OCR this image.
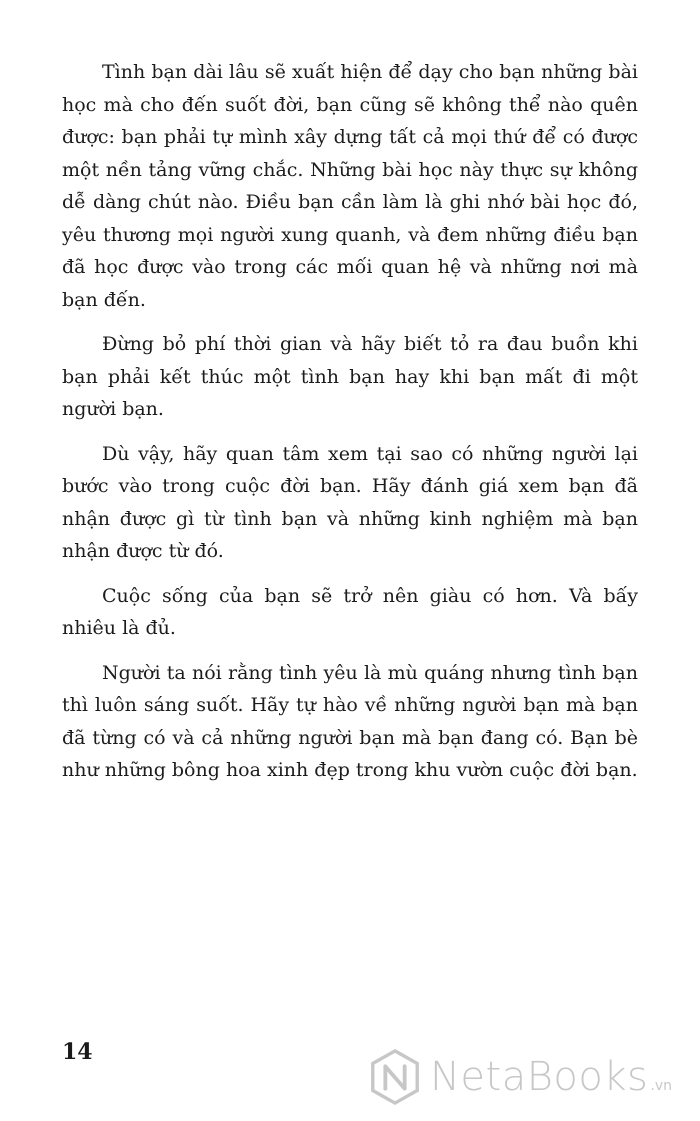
Tình bạn dài lâu sẽ xuất hiện để dạy cho bạn những bài học mà cho đến suốt đời, bạn cũng sẽ không thể nào quên được: bạn phải tự mình xây dựng tất cả mọi thứ để có được một nền tảng vững chắc. Những bài học này thực sự không dễ dàng chút nào. Điều bạn cần làm là ghi nhớ bài học đó, yêu thương mọi người xung quanh, và đem những điều bạn đã học được vào trong các mối quan hệ và những nơi mà bạn đến.

Đừng bỏ phí thời gian và hãy biết tỏ ra đau buồn khi bạn phải kết thúc một tình bạn hay khi bạn mất đi một người bạn.

Dù vậy, hãy quan tâm xem tại sao có những người lại bước vào trong cuộc đời bạn. Hãy đánh giá xem bạn đã nhận được gì từ tình bạn và những kinh nghiệm mà bạn nhận được từ đó.

Cuộc sống của bạn sẽ trở nên giàu có hơn. Và bấy nhiêu là đủ.

Người ta nói rằng tình yêu là mù quáng nhưng tình bạn thì luôn sáng suốt. Hãy tự hào về những người bạn mà bạn đã từng có và cả những người bạn mà bạn đang có. Bạn bè như những bông hoa xinh đẹp trong khu vườn cuộc đời bạn.

14
NetaBooks .vn
